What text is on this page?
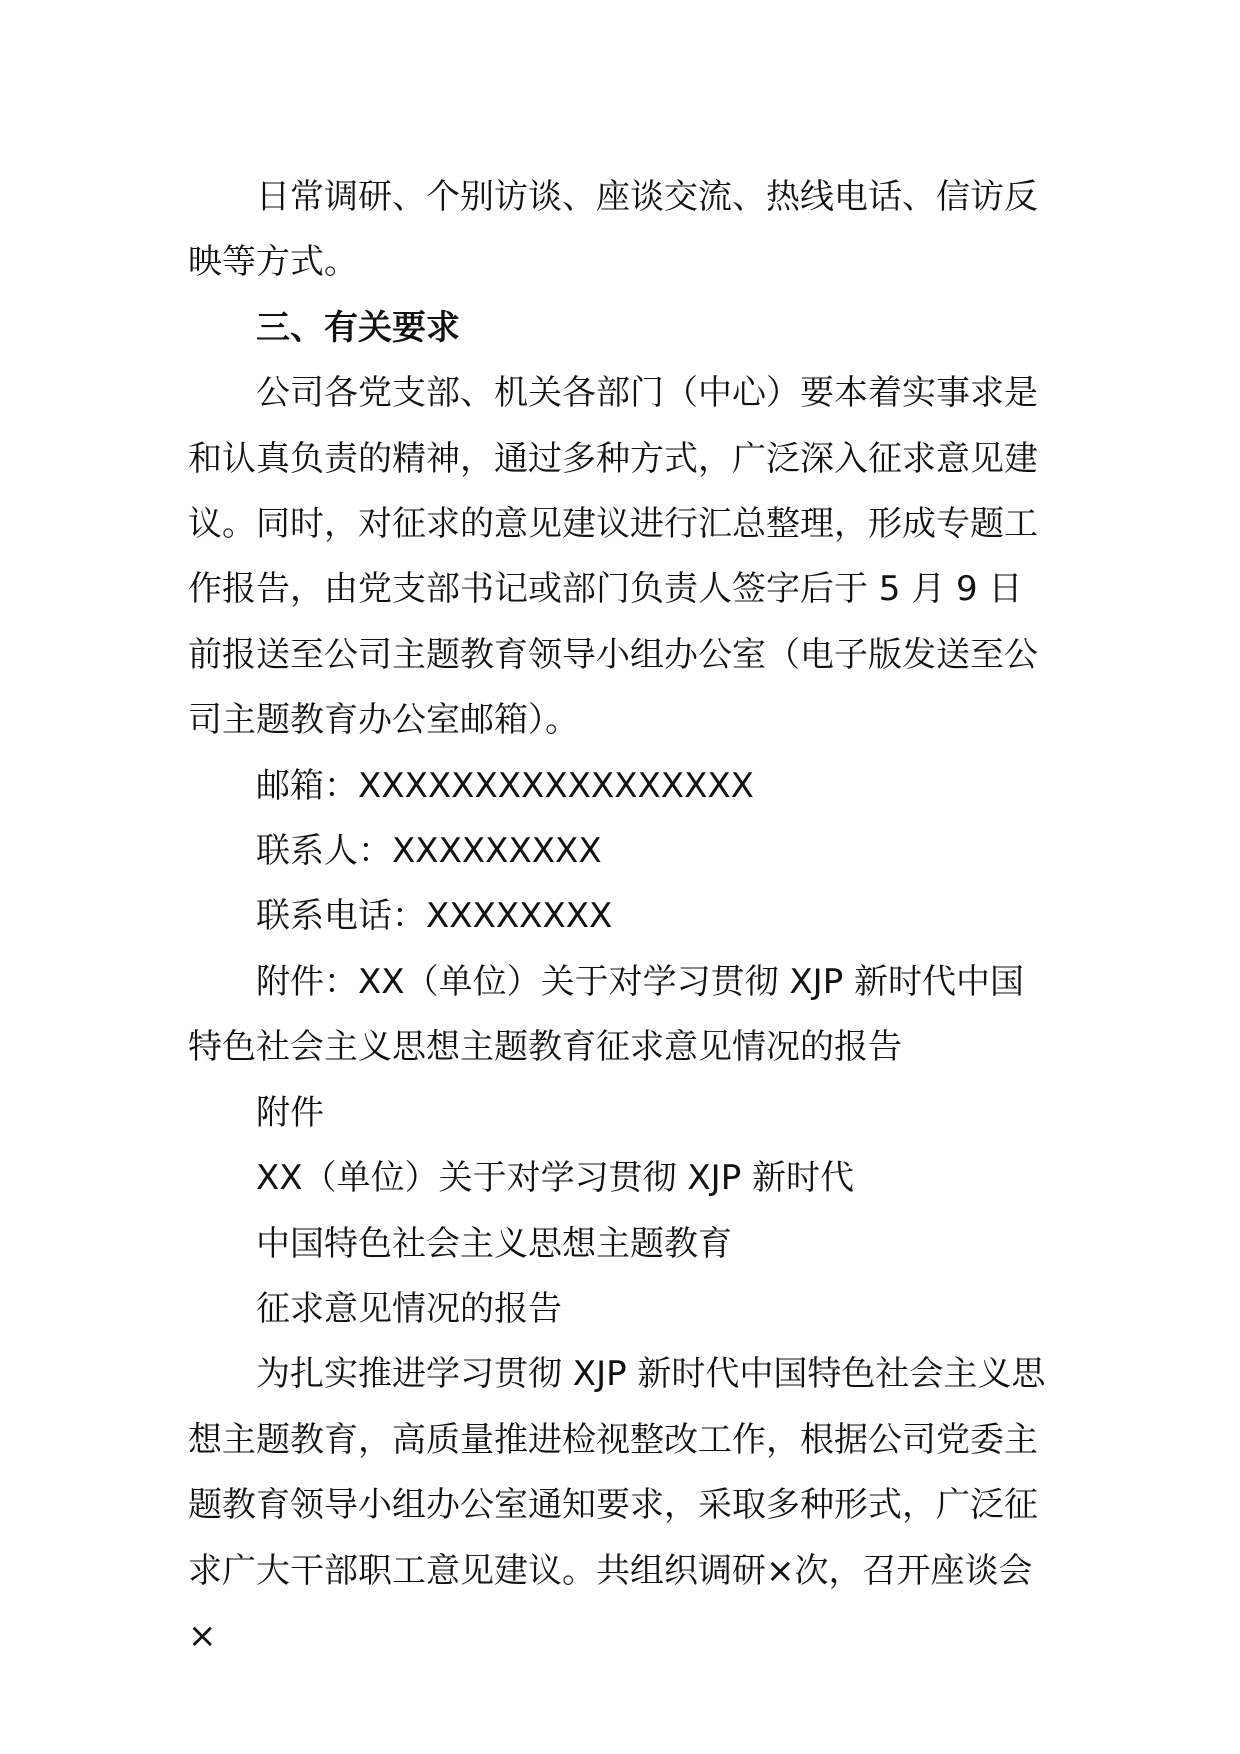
日常调研、个别访谈、座谈交流、热线电话、信访反映等方式。

三、有关要求

公司各党支部、机关各部门（中心）要本着实事求是和认真负责的精神，通过多种方式，广泛深入征求意见建议。同时，对征求的意见建议进行汇总整理，形成专题工作报告，由党支部书记或部门负责人签字后于 5 月 9 日前报送至公司主题教育领导小组办公室（电子版发送至公司主题教育办公室邮箱）。

邮箱：XXXXXXXXXXXXXXXXX

联系人：XXXXXXXXX

联系电话：XXXXXXXX

附件：XX（单位）关于对学习贯彻 XJP 新时代中国特色社会主义思想主题教育征求意见情况的报告

附件

XX（单位）关于对学习贯彻 XJP 新时代

中国特色社会主义思想主题教育

征求意见情况的报告

为扎实推进学习贯彻 XJP 新时代中国特色社会主义思想主题教育，高质量推进检视整改工作，根据公司党委主题教育领导小组办公室通知要求，采取多种形式，广泛征求广大干部职工意见建议。共组织调研×次，召开座谈会×
